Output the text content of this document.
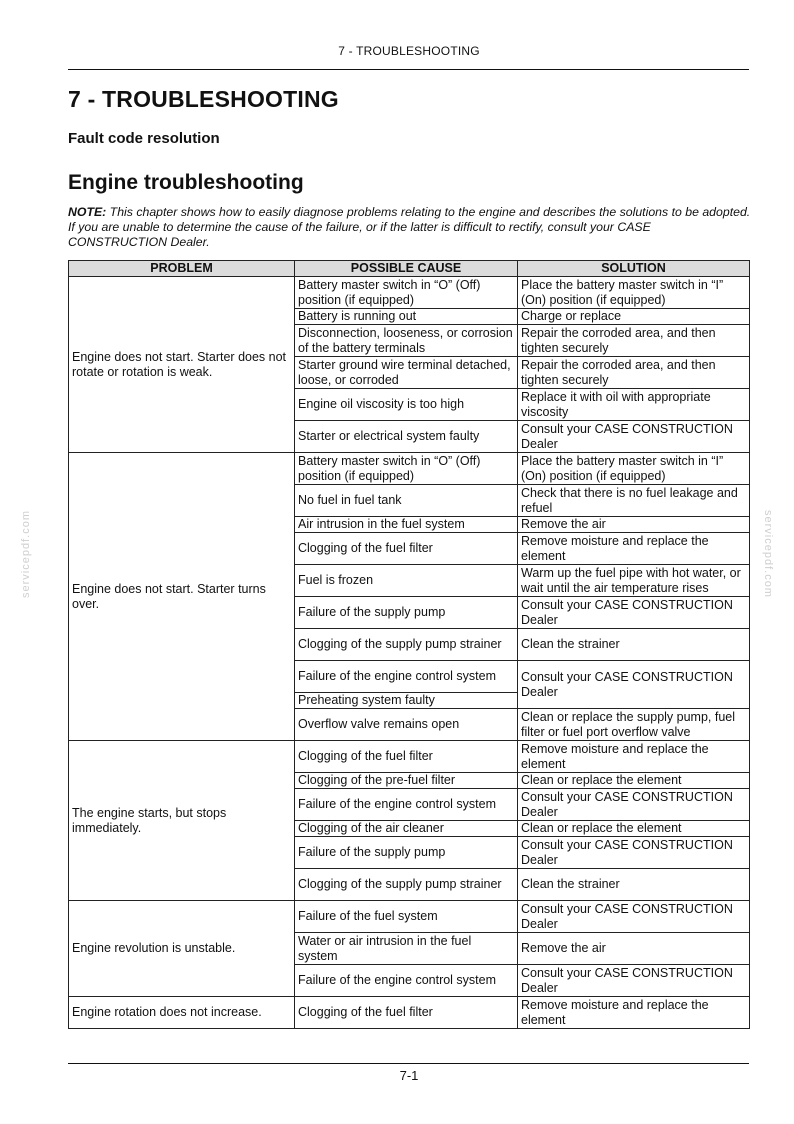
7 - TROUBLESHOOTING
7 - TROUBLESHOOTING
Fault code resolution
Engine troubleshooting

NOTE: This chapter shows how to easily diagnose problems relating to the engine and describes the solutions to be adopted. If you are unable to determine the cause of the failure, or if the latter is difficult to rectify, consult your CASE CONSTRUCTION Dealer.

PROBLEM	POSSIBLE CAUSE	SOLUTION
Engine does not start. Starter does not rotate or rotation is weak.	Battery master switch in “O” (Off) position (if equipped)	Place the battery master switch in “I” (On) position (if equipped)
	Battery is running out	Charge or replace
	Disconnection, looseness, or corrosion of the battery terminals	Repair the corroded area, and then tighten securely
	Starter ground wire terminal detached, loose, or corroded	Repair the corroded area, and then tighten securely
	Engine oil viscosity is too high	Replace it with oil with appropriate viscosity
	Starter or electrical system faulty	Consult your CASE CONSTRUCTION Dealer
Engine does not start. Starter turns over.	Battery master switch in “O” (Off) position (if equipped)	Place the battery master switch in “I” (On) position (if equipped)
	No fuel in fuel tank	Check that there is no fuel leakage and refuel
	Air intrusion in the fuel system	Remove the air
	Clogging of the fuel filter	Remove moisture and replace the element
	Fuel is frozen	Warm up the fuel pipe with hot water, or wait until the air temperature rises
	Failure of the supply pump	Consult your CASE CONSTRUCTION Dealer
	Clogging of the supply pump strainer	Clean the strainer
	Failure of the engine control system	Consult your CASE CONSTRUCTION Dealer
	Preheating system faulty	
	Overflow valve remains open	Clean or replace the supply pump, fuel filter or fuel port overflow valve
The engine starts, but stops immediately.	Clogging of the fuel filter	Remove moisture and replace the element
	Clogging of the pre-fuel filter	Clean or replace the element
	Failure of the engine control system	Consult your CASE CONSTRUCTION Dealer
	Clogging of the air cleaner	Clean or replace the element
	Failure of the supply pump	Consult your CASE CONSTRUCTION Dealer
	Clogging of the supply pump strainer	Clean the strainer
Engine revolution is unstable.	Failure of the fuel system	Consult your CASE CONSTRUCTION Dealer
	Water or air intrusion in the fuel system	Remove the air
	Failure of the engine control system	Consult your CASE CONSTRUCTION Dealer
Engine rotation does not increase.	Clogging of the fuel filter	Remove moisture and replace the element
servicepdf.com	servicepdf.com
7-1
